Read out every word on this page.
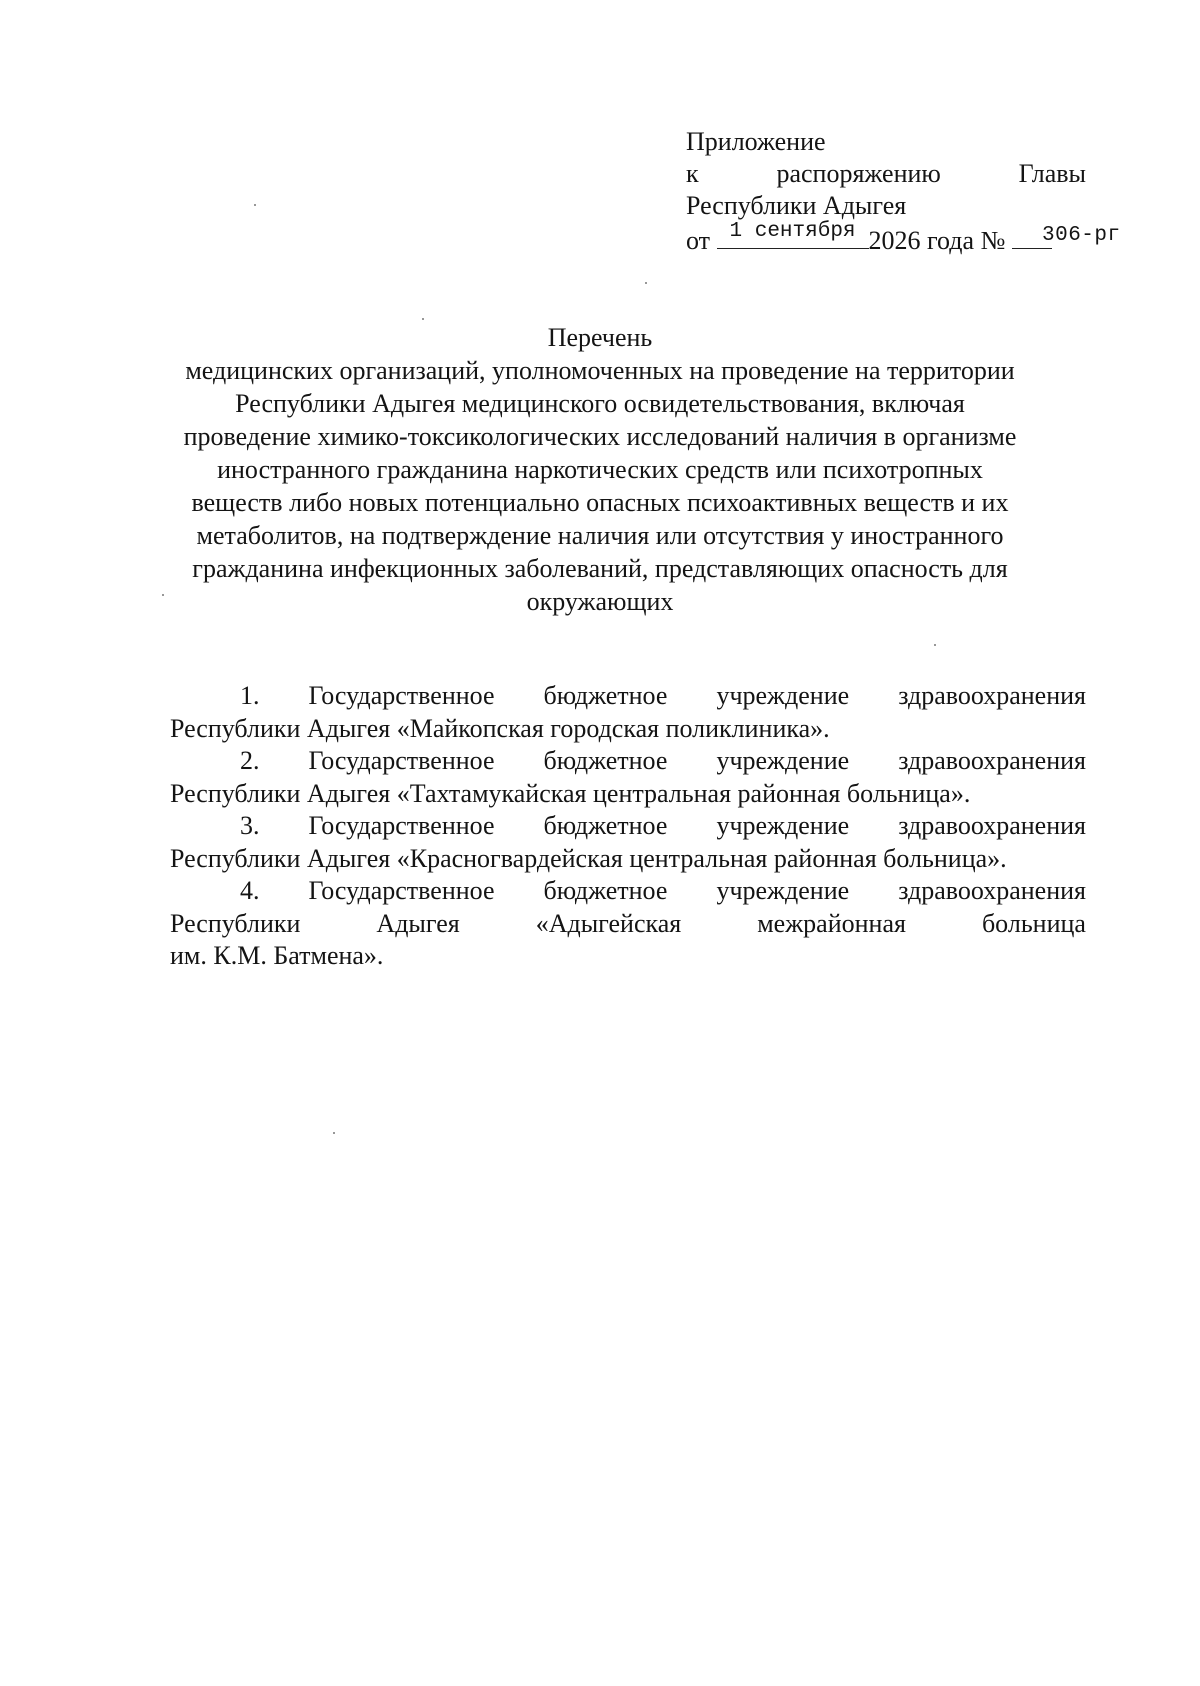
Приложение
к	распоряжению	Главы
Республики Адыгея
от 1 сентября 2026 года №	306-рг
Перечень
медицинских организаций, уполномоченных на проведение на территории
Республики Адыгея медицинского освидетельствования, включая
проведение химико-токсикологических исследований наличия в организме
иностранного гражданина наркотических средств или психотропных
веществ либо новых потенциально опасных психоактивных веществ и их
метаболитов, на подтверждение наличия или отсутствия у иностранного
гражданина инфекционных заболеваний, представляющих опасность для
окружающих
1. Государственное бюджетное учреждение здравоохранения
Республики Адыгея «Майкопская городская поликлиника».
2. Государственное бюджетное учреждение здравоохранения
Республики Адыгея «Тахтамукайская центральная районная больница».
3. Государственное бюджетное учреждение здравоохранения
Республики Адыгея «Красногвардейская центральная районная больница».
4. Государственное бюджетное учреждение здравоохранения
Республики	Адыгея	«Адыгейская	межрайонная	больница
им. К.М. Батмена».
